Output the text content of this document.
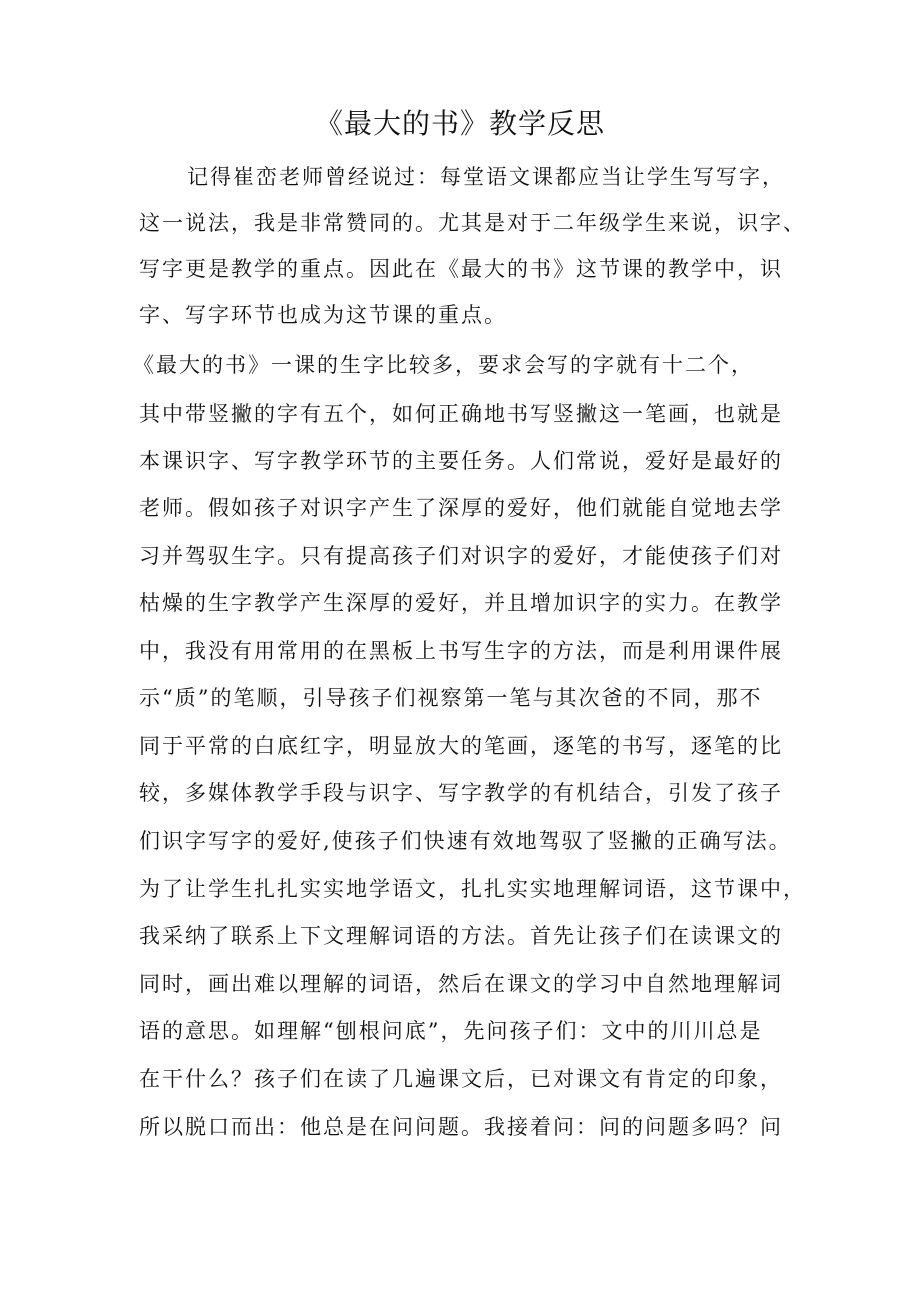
《最大的书》教学反思
记得崔峦老师曾经说过：每堂语文课都应当让学生写写字，
这一说法，我是非常赞同的。尤其是对于二年级学生来说，识字、
写字更是教学的重点。因此在《最大的书》这节课的教学中，识
字、写字环节也成为这节课的重点。
《最大的书》一课的生字比较多，要求会写的字就有十二个，
其中带竖撇的字有五个，如何正确地书写竖撇这一笔画，也就是
本课识字、写字教学环节的主要任务。人们常说，爱好是最好的
老师。假如孩子对识字产生了深厚的爱好，他们就能自觉地去学
习并驾驭生字。只有提高孩子们对识字的爱好，才能使孩子们对
枯燥的生字教学产生深厚的爱好，并且增加识字的实力。在教学
中，我没有用常用的在黑板上书写生字的方法，而是利用课件展
示“质”的笔顺，引导孩子们视察第一笔与其次爸的不同，那不
同于平常的白底红字，明显放大的笔画，逐笔的书写，逐笔的比
较，多媒体教学手段与识字、写字教学的有机结合，引发了孩子
们识字写字的爱好,使孩子们快速有效地驾驭了竖撇的正确写法。
为了让学生扎扎实实地学语文，扎扎实实地理解词语，这节课中，
我采纳了联系上下文理解词语的方法。首先让孩子们在读课文的
同时，画出难以理解的词语，然后在课文的学习中自然地理解词
语的意思。如理解“刨根问底”，先问孩子们：文中的川川总是
在干什么？孩子们在读了几遍课文后，已对课文有肯定的印象，
所以脱口而出：他总是在问问题。我接着问：问的问题多吗？问
